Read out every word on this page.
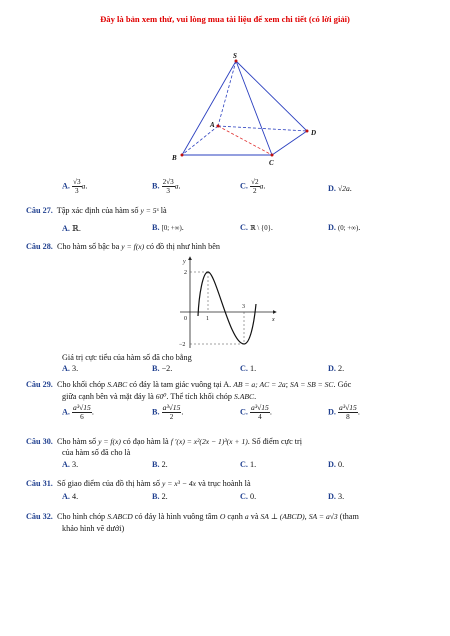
Đây là bản xem thử, vui lòng mua tài liệu để xem chi tiết (có lời giải)
S
A
B
C
D
A. $\frac{√3}{3} a$.	B. $\frac{2√3}{3} a$.	C. $\frac{√2}{2} a$.	D. √2a.
Câu 27. Tập xác định của hàm số y = 5ˣ là
A. ℝ.	B. [0; +∞).	C. ℝ \ {0}.	D. (0; +∞).
Câu 28. Cho hàm số bậc ba y = f(x) có đồ thị như hình bên
y
x
0	1
3
2
−2
Giá trị cực tiểu của hàm số đã cho bằng
A. 3.	B. −2.	C. 1.	D. 2.
Câu 29. Cho khối chóp S.ABC có đáy là tam giác vuông tại A. AB = a; AC = 2a; SA = SB = SC. Góc
giữa cạnh bên và mặt đáy là 60⁰. Thể tích khối chóp S.ABC.
A. $\frac{\text{a³√15}}{6}$ .	B. $\frac{\text{a³√15}}{2}$ .	C. $\frac{\text{a³√15}}{4}$ .	D. $\frac{\text{a³√15}}{8}$ .
Câu 30. Cho hàm số y = f(x) có đạo hàm là f ′(x) = x²(2x − 1)³(x + 1). Số điểm cực trị
của hàm số đã cho là
A. 3.	B. 2.	C. 1.	D. 0.
Câu 31. Số giao điểm của đồ thị hàm số y = x³ − 4x và trục hoành là
A. 4.	B. 2.	C. 0.	D. 3.
Câu 32. Cho hình chóp S.ABCD có đáy là hình vuông tâm O cạnh a và SA ⊥ (ABCD), SA = a√3 (tham
khảo hình vẽ dưới)
